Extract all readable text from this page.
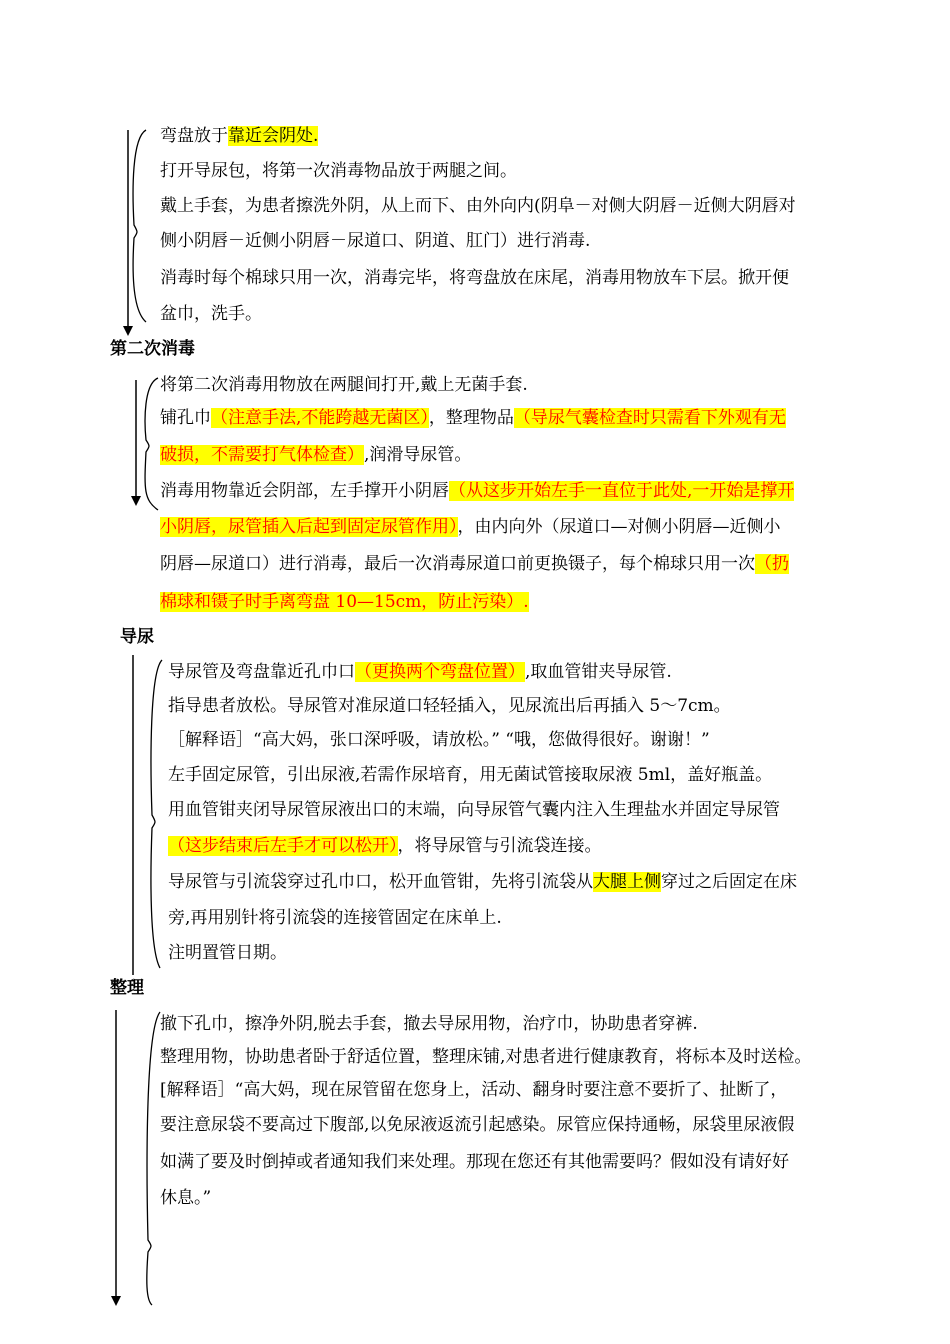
弯盘放于靠近会阴处.
打开导尿包，将第一次消毒物品放于两腿之间。
戴上手套，为患者擦洗外阴，从上而下、由外向内(阴阜－对侧大阴唇－近侧大阴唇对
侧小阴唇－近侧小阴唇－尿道口、阴道、肛门）进行消毒.
消毒时每个棉球只用一次，消毒完毕，将弯盘放在床尾，消毒用物放车下层。掀开便
盆巾，洗手。
第二次消毒
将第二次消毒用物放在两腿间打开,戴上无菌手套.
铺孔巾（注意手法,不能跨越无菌区），整理物品（导尿气囊检查时只需看下外观有无
破损，不需要打气体检查）,润滑导尿管。
消毒用物靠近会阴部，左手撑开小阴唇（从这步开始左手一直位于此处,一开始是撑开
小阴唇，尿管插入后起到固定尿管作用），由内向外（尿道口—对侧小阴唇—近侧小
阴唇—尿道口）进行消毒，最后一次消毒尿道口前更换镊子，每个棉球只用一次（扔
棉球和镊子时手离弯盘 10—15cm，防止污染）.
导尿
导尿管及弯盘靠近孔巾口（更换两个弯盘位置）,取血管钳夹导尿管.
指导患者放松。导尿管对准尿道口轻轻插入，见尿流出后再插入 5～7cm。
［解释语］“高大妈，张口深呼吸，请放松。” “哦，您做得很好。谢谢！”
左手固定尿管，引出尿液,若需作尿培育，用无菌试管接取尿液 5ml，盖好瓶盖。
用血管钳夹闭导尿管尿液出口的末端，向导尿管气囊内注入生理盐水并固定导尿管
（这步结束后左手才可以松开），将导尿管与引流袋连接。
导尿管与引流袋穿过孔巾口，松开血管钳，先将引流袋从大腿上侧穿过之后固定在床
旁,再用别针将引流袋的连接管固定在床单上.
注明置管日期。
整理
撤下孔巾，擦净外阴,脱去手套，撤去导尿用物，治疗巾，协助患者穿裤.
整理用物，协助患者卧于舒适位置，整理床铺,对患者进行健康教育，将标本及时送检。
[解释语］“高大妈，现在尿管留在您身上，活动、翻身时要注意不要折了、扯断了，
要注意尿袋不要高过下腹部,以免尿液返流引起感染。尿管应保持通畅，尿袋里尿液假
如满了要及时倒掉或者通知我们来处理。那现在您还有其他需要吗？假如没有请好好
休息。”
